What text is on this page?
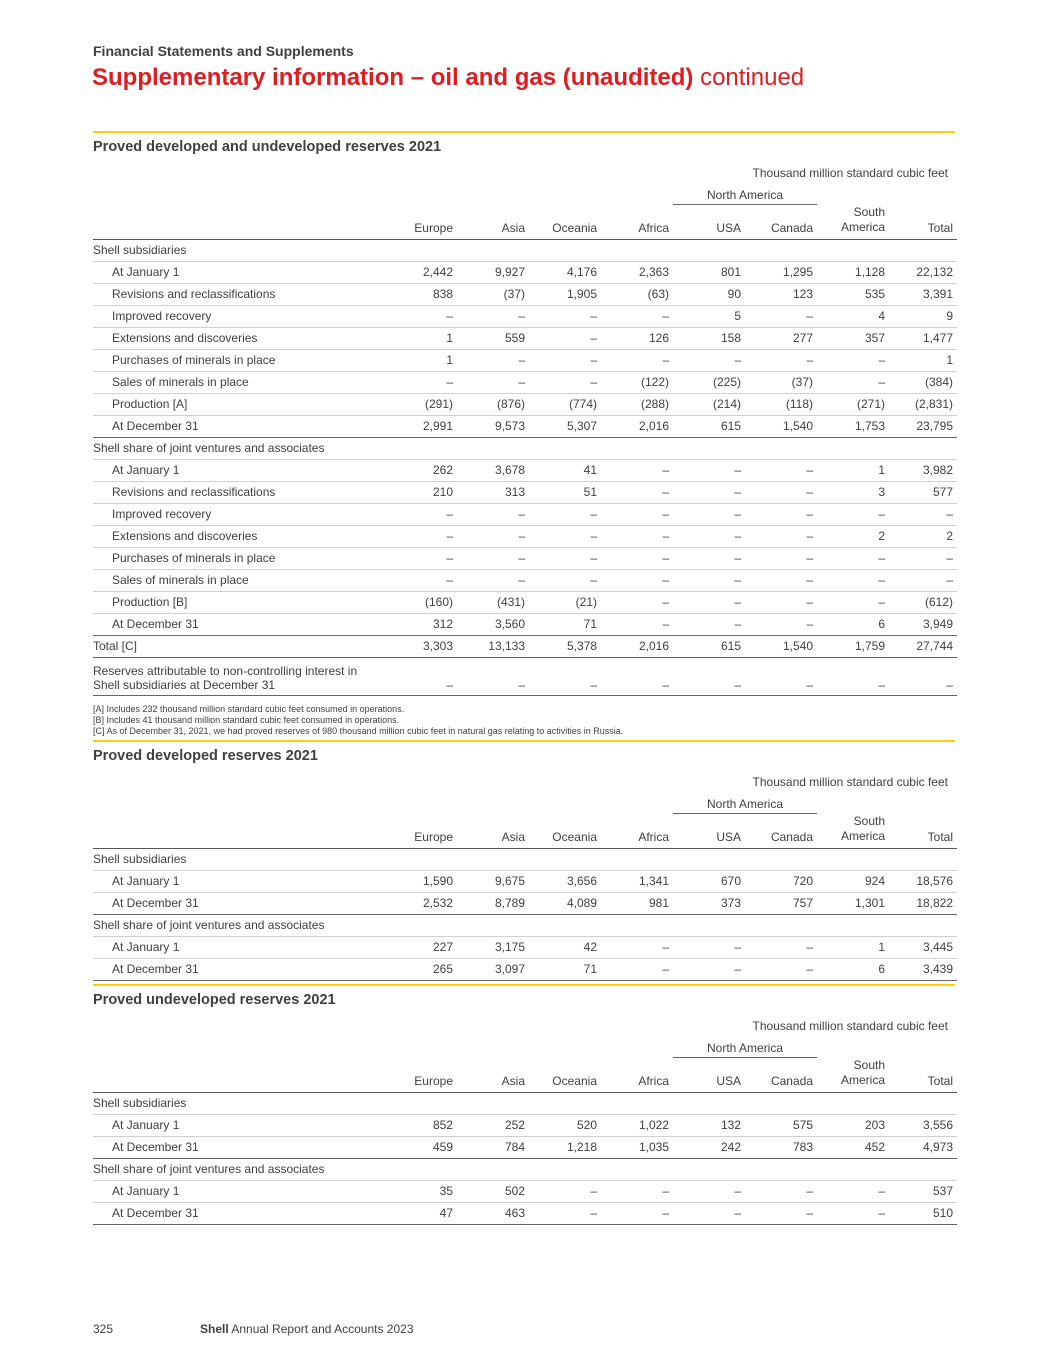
Financial Statements and Supplements
Supplementary information – oil and gas (unaudited) continued
Proved developed and undeveloped reserves 2021
Thousand million standard cubic feet
					North America			
	Europe	Asia	Oceania	Africa	USA	Canada	South
America	Total
Shell subsidiaries								
At January 1	2,442	9,927	4,176	2,363	801	1,295	1,128	22,132
Revisions and reclassifications	838	(37)	1,905	(63)	90	123	535	3,391
Improved recovery	–	–	–	–	5	–	4	9
Extensions and discoveries	1	559	–	126	158	277	357	1,477
Purchases of minerals in place	1	–	–	–	–	–	–	1
Sales of minerals in place	–	–	–	(122)	(225)	(37)	–	(384)
Production [A]	(291)	(876)	(774)	(288)	(214)	(118)	(271)	(2,831)
At December 31	2,991	9,573	5,307	2,016	615	1,540	1,753	23,795
Shell share of joint ventures and associates								
At January 1	262	3,678	41	–	–	–	1	3,982
Revisions and reclassifications	210	313	51	–	–	–	3	577
Improved recovery	–	–	–	–	–	–	–	–
Extensions and discoveries	–	–	–	–	–	–	2	2
Purchases of minerals in place	–	–	–	–	–	–	–	–
Sales of minerals in place	–	–	–	–	–	–	–	–
Production [B]	(160)	(431)	(21)	–	–	–	–	(612)
At December 31	312	3,560	71	–	–	–	6	3,949
Total [C]	3,303	13,133	5,378	2,016	615	1,540	1,759	27,744
Reserves attributable to non-controlling interest in
Shell subsidiaries at December 31	–	–	–	–	–	–	–	–
[A] Includes 232 thousand million standard cubic feet consumed in operations.
[B] Includes 41 thousand million standard cubic feet consumed in operations.
[C] As of December 31, 2021, we had proved reserves of 980 thousand million cubic feet in natural gas relating to activities in Russia.
Proved developed reserves 2021
Thousand million standard cubic feet
					North America			
	Europe	Asia	Oceania	Africa	USA	Canada	South
America	Total
Shell subsidiaries								
At January 1	1,590	9,675	3,656	1,341	670	720	924	18,576
At December 31	2,532	8,789	4,089	981	373	757	1,301	18,822
Shell share of joint ventures and associates								
At January 1	227	3,175	42	–	–	–	1	3,445
At December 31	265	3,097	71	–	–	–	6	3,439
Proved undeveloped reserves 2021
Thousand million standard cubic feet
					North America			
	Europe	Asia	Oceania	Africa	USA	Canada	South
America	Total
Shell subsidiaries								
At January 1	852	252	520	1,022	132	575	203	3,556
At December 31	459	784	1,218	1,035	242	783	452	4,973
Shell share of joint ventures and associates								
At January 1	35	502	–	–	–	–	–	537
At December 31	47	463	–	–	–	–	–	510
325	Shell Annual Report and Accounts 2023
